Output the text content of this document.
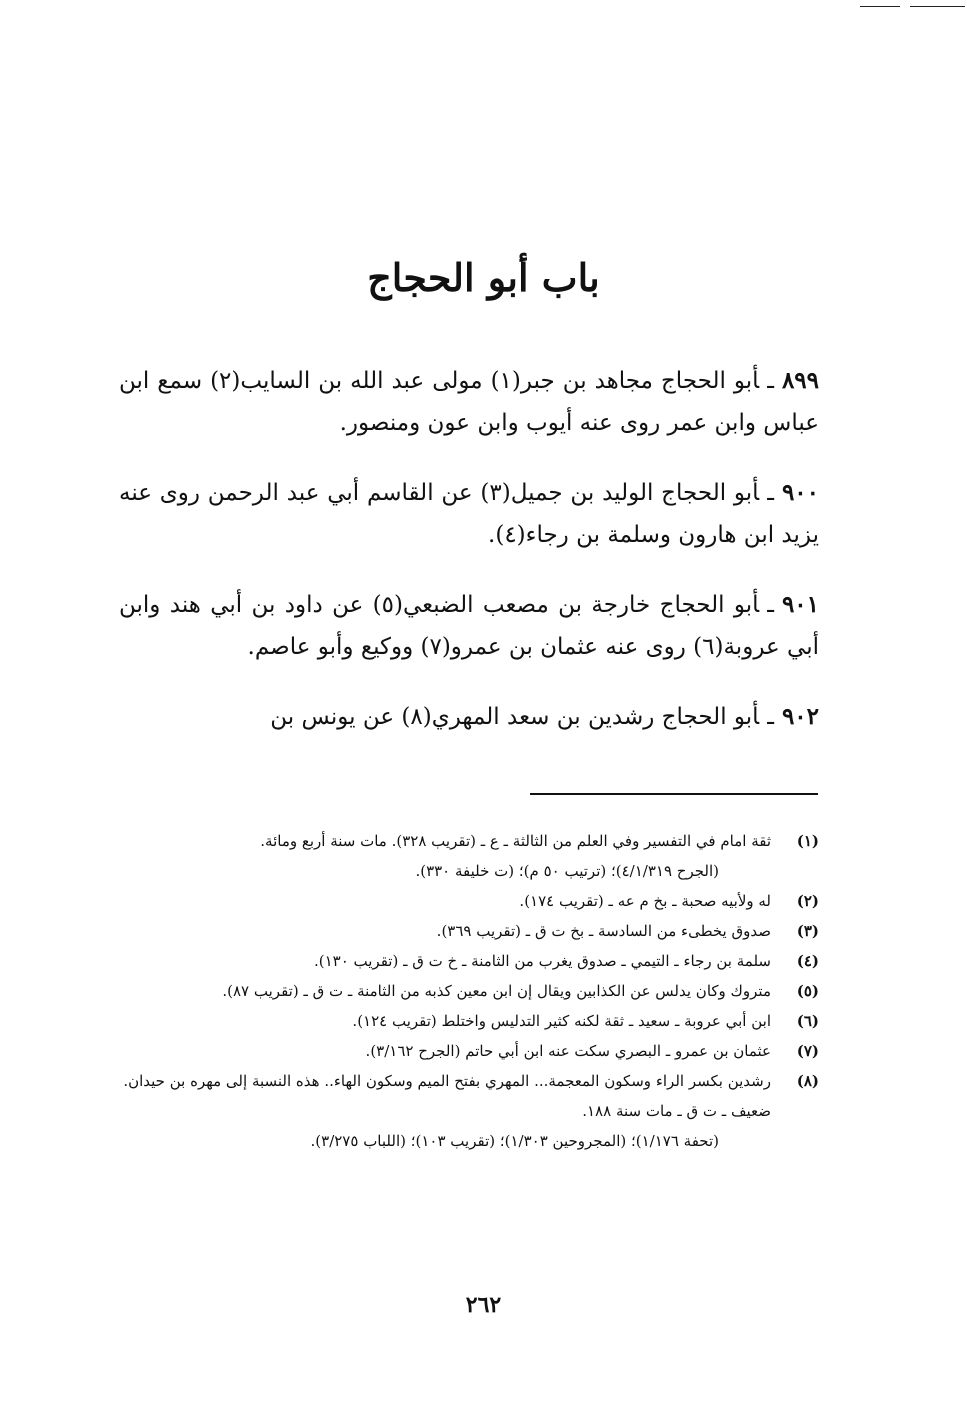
باب أبو الحجاج
٨٩٩ـأبو الحجاج مجاهد بن جبر(١) مولى عبد الله بن السايب(٢) سمع ابن عباس وابن عمر روى عنه أيوب وابن عون ومنصور.
٩٠٠ـأبو الحجاج الوليد بن جميل(٣) عن القاسم أبي عبد الرحمن روى عنه يزيد ابن هارون وسلمة بن رجاء(٤).
٩٠١ـأبو الحجاج خارجة بن مصعب الضبعي(٥) عن داود بن أبي هند وابن أبي عروبة(٦) روى عنه عثمان بن عمرو(٧) ووكيع وأبو عاصم.
٩٠٢ـأبو الحجاج رشدين بن سعد المهري(٨) عن يونس بن
(١)
ثقة امام في التفسير وفي العلم من الثالثة ـ ع ـ (تقريب ٣٢٨). مات سنة أربع ومائة.
(الجرح ٤/١/٣١٩)؛ (ترتيب ٥٠ م)؛ (ت خليفة ٣٣٠).
(٢)
له ولأبيه صحبة ـ بخ م عه ـ (تقريب ١٧٤).
(٣)
صدوق يخطىء من السادسة ـ بخ ت ق ـ (تقريب ٣٦٩).
(٤)
سلمة بن رجاء ـ التيمي ـ صدوق يغرب من الثامنة ـ خ ت ق ـ (تقريب ١٣٠).
(٥)
متروك وكان يدلس عن الكذابين ويقال إن ابن معين كذبه من الثامنة ـ ت ق ـ (تقريب ٨٧).
(٦)
ابن أبي عروبة ـ سعيد ـ ثقة لكنه كثير التدليس واختلط (تقريب ١٢٤).
(٧)
عثمان بن عمرو ـ البصري سكت عنه ابن أبي حاتم (الجرح ٣/١٦٢).
(٨)
رشدين بكسر الراء وسكون المعجمة... المهري بفتح الميم وسكون الهاء.. هذه النسبة إلى مهره بن حيدان. ضعيف ـ ت ق ـ مات سنة ١٨٨.
(تحفة ١/١٧٦)؛ (المجروحين ١/٣٠٣)؛ (تقريب ١٠٣)؛ (اللباب ٣/٢٧٥).
٢٦٢
